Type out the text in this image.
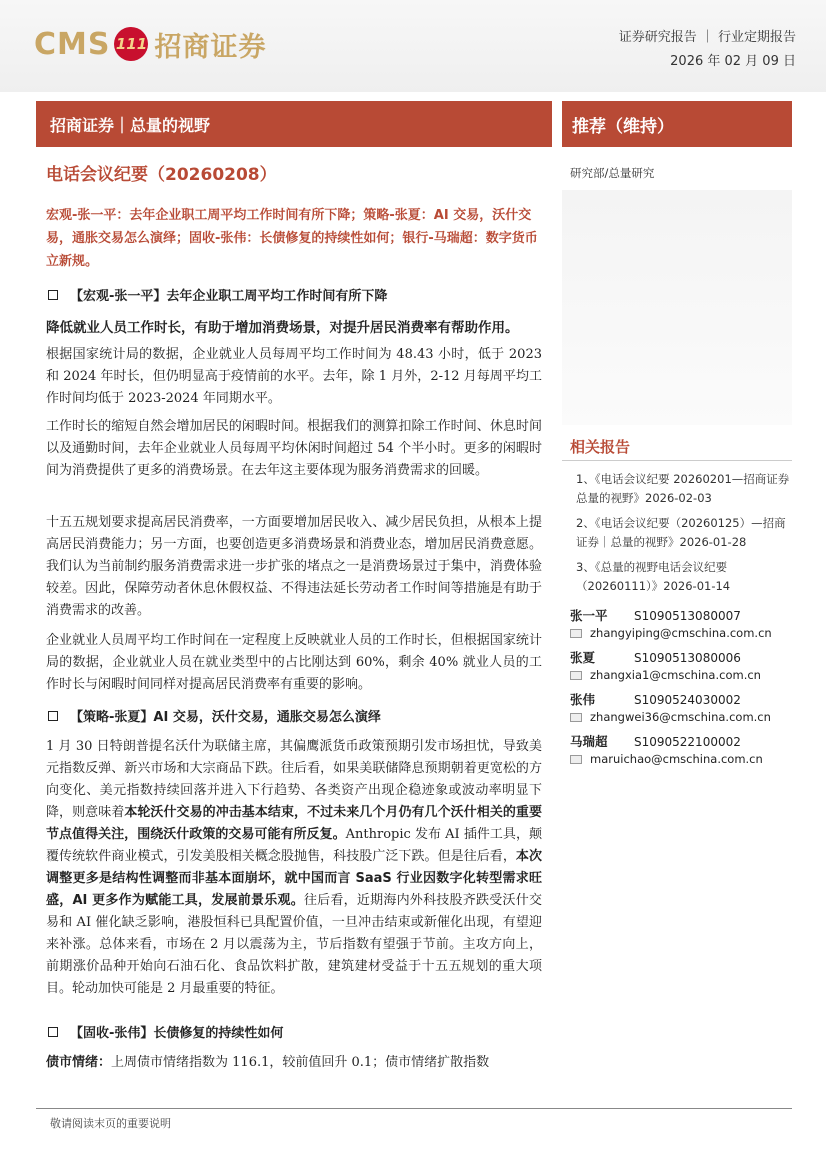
CMS 111 招商证券	证券研究报告 ｜ 行业定期报告
2026 年 02 月 09 日
招商证券｜总量的视野	推荐（维持）
电话会议纪要（20260208）	研究部/总量研究
宏观-张一平：去年企业职工周平均工作时间有所下降；策略-张夏：AI 交易，沃什交易，通胀交易怎么演绎；固收-张伟：长债修复的持续性如何；银行-马瑞超：数字货币立新规。
【宏观-张一平】去年企业职工周平均工作时间有所下降
降低就业人员工作时长，有助于增加消费场景，对提升居民消费率有帮助作用。
根据国家统计局的数据，企业就业人员每周平均工作时间为 48.43 小时，低于 2023 和 2024 年时长，但仍明显高于疫情前的水平。去年，除 1 月外，2-12 月每周平均工作时间均低于 2023-2024 年同期水平。
工作时长的缩短自然会增加居民的闲暇时间。根据我们的测算扣除工作时间、休息时间以及通勤时间，去年企业就业人员每周平均休闲时间超过 54 个半小时。更多的闲暇时间为消费提供了更多的消费场景。在去年这主要体现为服务消费需求的回暖。
十五五规划要求提高居民消费率，一方面要增加居民收入、减少居民负担，从根本上提高居民消费能力；另一方面，也要创造更多消费场景和消费业态，增加居民消费意愿。我们认为当前制约服务消费需求进一步扩张的堵点之一是消费场景过于集中，消费体验较差。因此，保障劳动者休息休假权益、不得违法延长劳动者工作时间等措施是有助于消费需求的改善。
企业就业人员周平均工作时间在一定程度上反映就业人员的工作时长，但根据国家统计局的数据，企业就业人员在就业类型中的占比刚达到 60%，剩余 40% 就业人员的工作时长与闲暇时间同样对提高居民消费率有重要的影响。
【策略-张夏】AI 交易，沃什交易，通胀交易怎么演绎
1 月 30 日特朗普提名沃什为联储主席，其偏鹰派货币政策预期引发市场担忧，导致美元指数反弹、新兴市场和大宗商品下跌。往后看，如果美联储降息预期朝着更宽松的方向变化、美元指数持续回落并进入下行趋势、各类资产出现企稳迹象或波动率明显下降，则意味着本轮沃什交易的冲击基本结束，不过未来几个月仍有几个沃什相关的重要节点值得关注，围绕沃什政策的交易可能有所反复。Anthropic 发布 AI 插件工具，颠覆传统软件商业模式，引发美股相关概念股抛售，科技股广泛下跌。但是往后看，本次调整更多是结构性调整而非基本面崩坏，就中国而言 SaaS 行业因数字化转型需求旺盛，AI 更多作为赋能工具，发展前景乐观。往后看，近期海内外科技股齐跌受沃什交易和 AI 催化缺乏影响，港股恒科已具配置价值，一旦冲击结束或新催化出现，有望迎来补涨。总体来看，市场在 2 月以震荡为主，节后指数有望强于节前。主攻方向上，前期涨价品种开始向石油石化、食品饮料扩散，建筑建材受益于十五五规划的重大项目。轮动加快可能是 2 月最重要的特征。
【固收-张伟】长债修复的持续性如何
债市情绪：上周债市情绪指数为 116.1，较前值回升 0.1；债市情绪扩散指数
相关报告
1、《电话会议纪要 20260201—招商证券总量的视野》2026-02-03
2、《电话会议纪要（20260125）—招商证券｜总量的视野》2026-01-28
3、《总量的视野电话会议纪要（20260111）》2026-01-14
张一平	S1090513080007
zhangyiping@cmschina.com.cn
张夏	S1090513080006
zhangxia1@cmschina.com.cn
张伟	S1090524030002
zhangwei36@cmschina.com.cn
马瑞超	S1090522100002
maruichao@cmschina.com.cn
敬请阅读末页的重要说明
